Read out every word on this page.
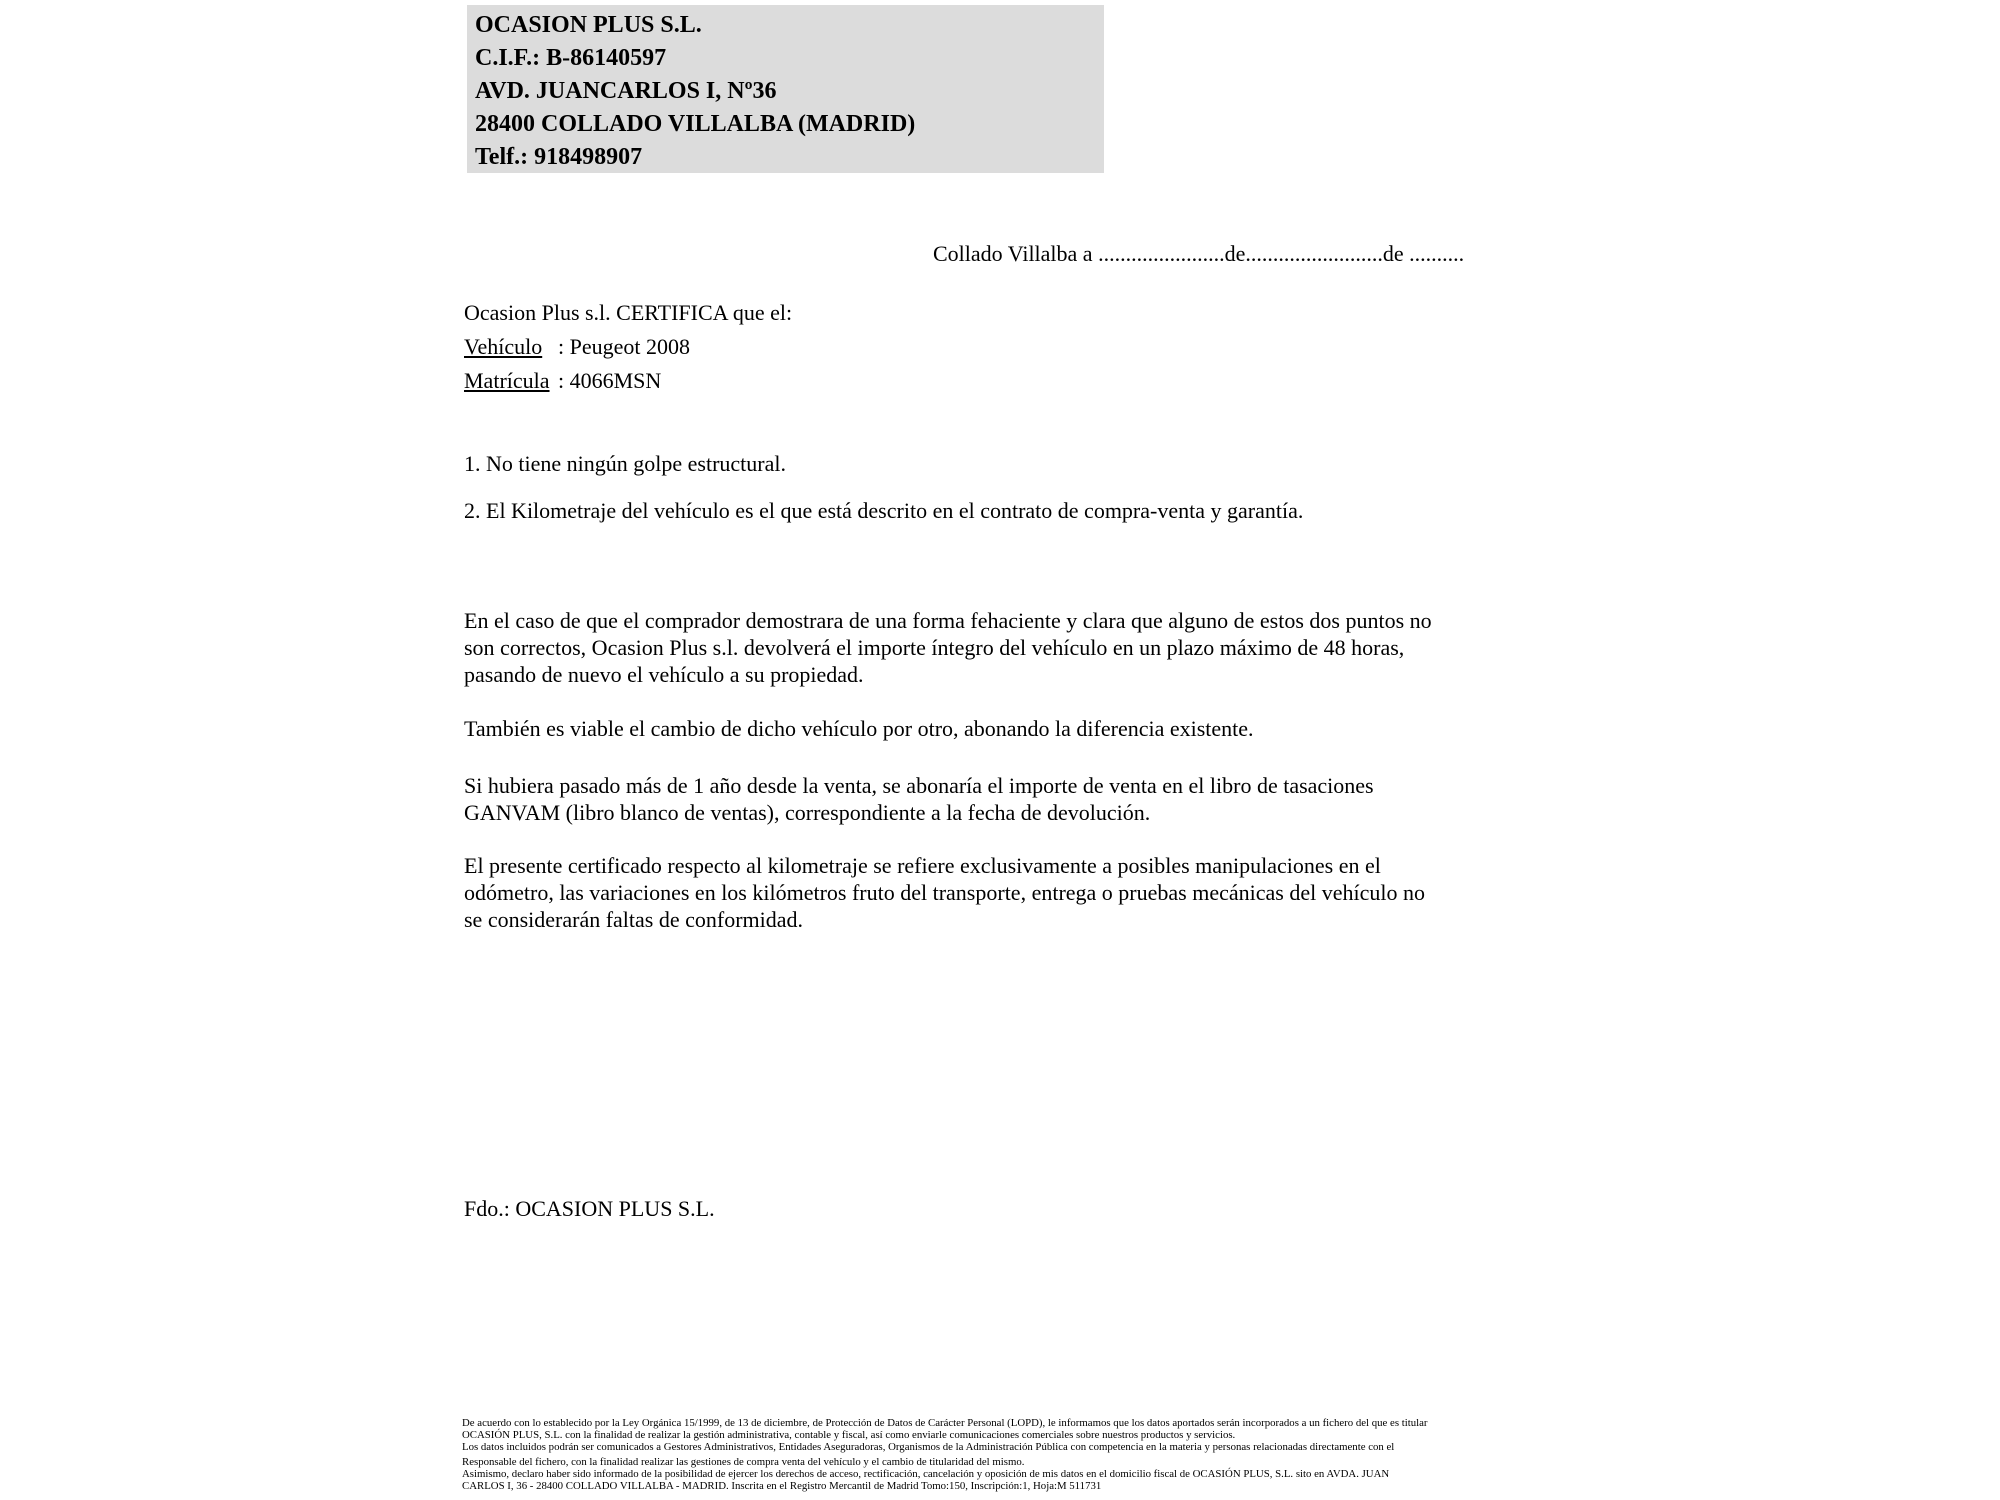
OCASION PLUS S.L.
C.I.F.: B-86140597
AVD. JUANCARLOS I, Nº36
28400 COLLADO VILLALBA (MADRID)
Telf.: 918498907
Collado Villalba a .......................de.........................de ..........
Ocasion Plus s.l. CERTIFICA que el:
Vehículo : Peugeot 2008
Matrícula : 4066MSN
1. No tiene ningún golpe estructural.
2. El Kilometraje del vehículo es el que está descrito en el contrato de compra-venta y garantía.
En el caso de que el comprador demostrara de una forma fehaciente y clara que alguno de estos dos puntos no
son correctos, Ocasion Plus s.l. devolverá el importe íntegro del vehículo en un plazo máximo de 48 horas,
pasando de nuevo el vehículo a su propiedad.
También es viable el cambio de dicho vehículo por otro, abonando la diferencia existente.
Si hubiera pasado más de 1 año desde la venta, se abonaría el importe de venta en el libro de tasaciones
GANVAM (libro blanco de ventas), correspondiente a la fecha de devolución.
El presente certificado respecto al kilometraje se refiere exclusivamente a posibles manipulaciones en el
odómetro, las variaciones en los kilómetros fruto del transporte, entrega o pruebas mecánicas del vehículo no
se considerarán faltas de conformidad.
Fdo.: OCASION PLUS S.L.
De acuerdo con lo establecido por la Ley Orgánica 15/1999, de 13 de diciembre, de Protección de Datos de Carácter Personal (LOPD), le informamos que los datos aportados serán incorporados a un fichero del que es titular
OCASIÓN PLUS, S.L. con la finalidad de realizar la gestión administrativa, contable y fiscal, así como enviarle comunicaciones comerciales sobre nuestros productos y servicios.
Los datos incluidos podrán ser comunicados a Gestores Administrativos, Entidades Aseguradoras, Organismos de la Administración Pública con competencia en la materia y personas relacionadas directamente con el
Responsable del fichero, con la finalidad realizar las gestiones de compra venta del vehículo y el cambio de titularidad del mismo.
Asimismo, declaro haber sido informado de la posibilidad de ejercer los derechos de acceso, rectificación, cancelación y oposición de mis datos en el domicilio fiscal de OCASIÓN PLUS, S.L. sito en AVDA. JUAN
CARLOS I, 36 - 28400 COLLADO VILLALBA - MADRID. Inscrita en el Registro Mercantil de Madrid Tomo:150, Inscripción:1, Hoja:M 511731
